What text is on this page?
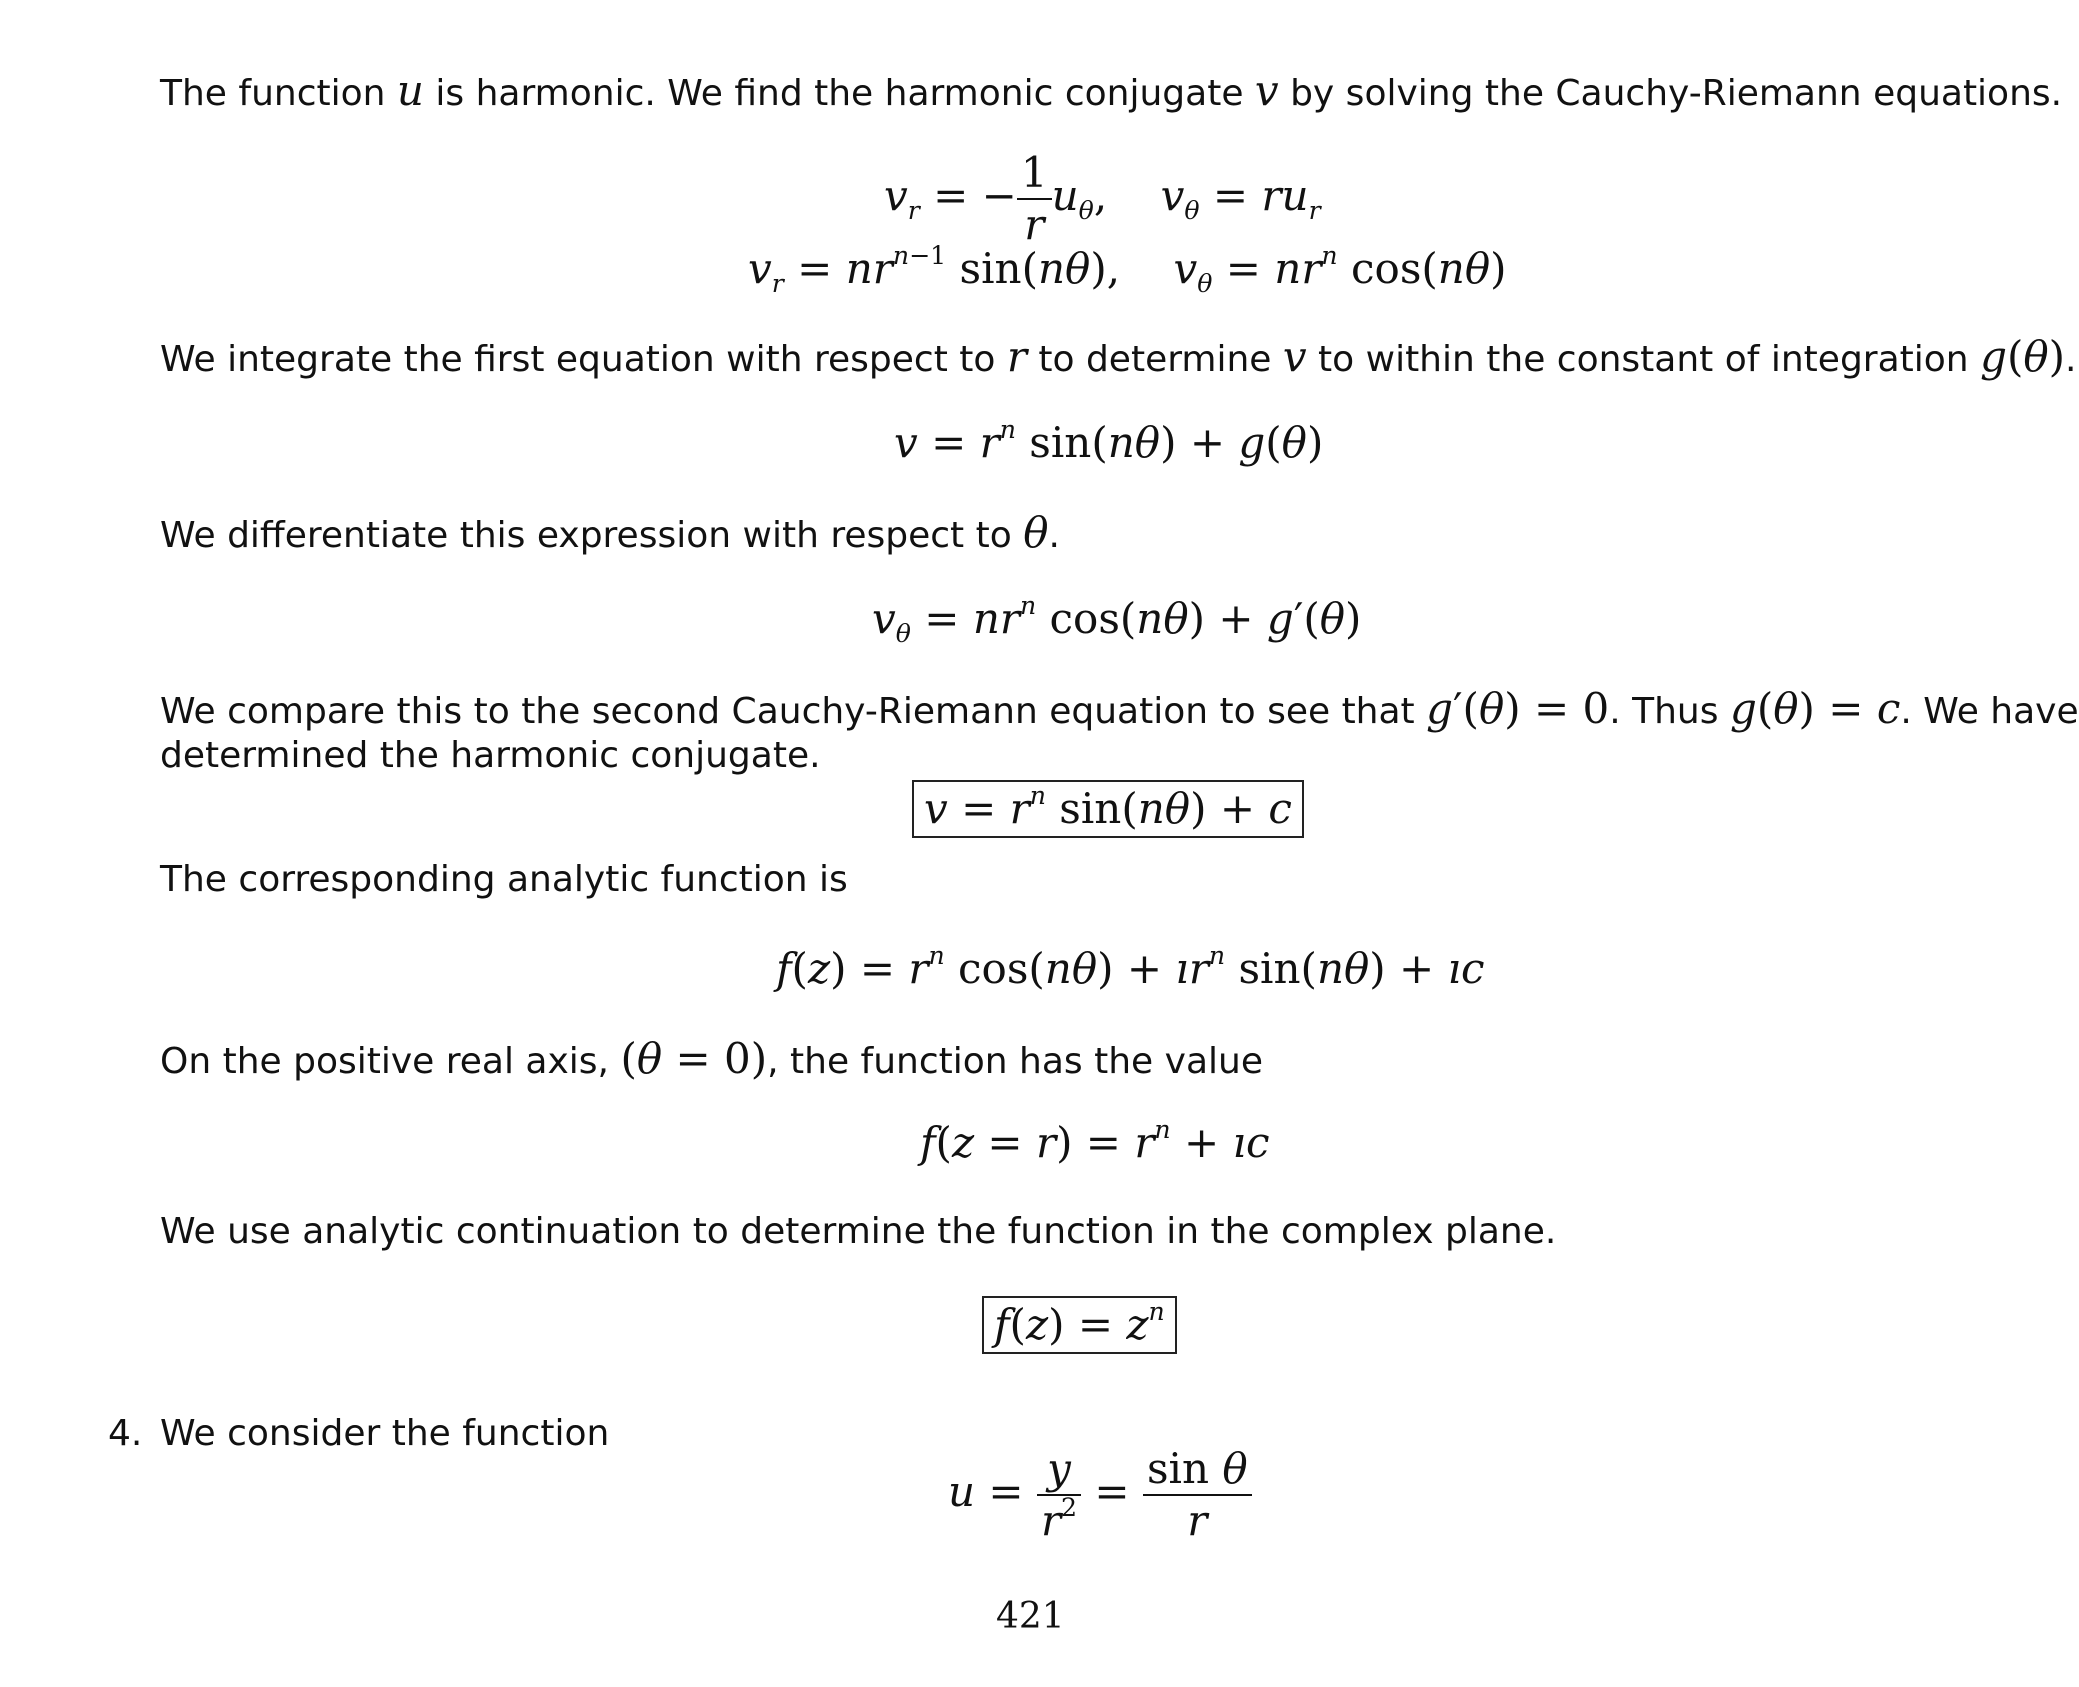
The function u is harmonic. We find the harmonic conjugate v by solving the Cauchy-Riemann equations.
$v_r$ = − $\frac{1}{r} u_\theta$,    $v_\theta = ru_r$
$v_r = nr^{n-1}$ sin(nθ),    $v_\theta = nr^n$ cos(nθ)
We integrate the first equation with respect to r to determine v to within the constant of integration g(θ).
$v = r^n$ sin(nθ) + g(θ)
We differentiate this expression with respect to θ.
$v_\theta = nr^n$ cos(nθ) + g′(θ)
We compare this to the second Cauchy-Riemann equation to see that g′(θ) = 0. Thus g(θ) = c. We have
determined the harmonic conjugate.
$v = r^n$ sin(nθ) + c
The corresponding analytic function is
$f(z) = r^n$ $\cos(n\theta) + ır^n$ sin(nθ) + ıc
On the positive real axis, (θ = 0), the function has the value
$f(z = r) = r^n$ + ıc
We use analytic continuation to determine the function in the complex plane.
$f(z) = z^n$
4. We consider the function
$u = \frac{y}{r^2} = \frac{\text{sin θ}}{r}$
421
